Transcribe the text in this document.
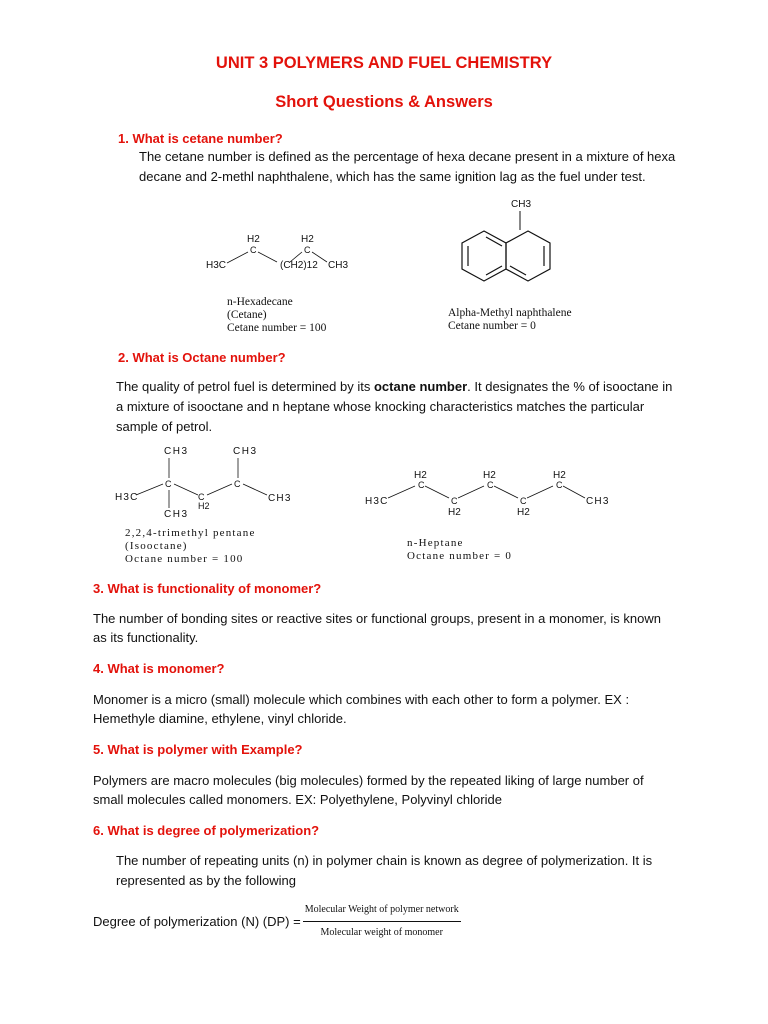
UNIT 3 POLYMERS AND FUEL CHEMISTRY
Short Questions & Answers
1. What is cetane number?
The cetane number is defined as the percentage of hexa decane present in a mixture of hexa
decane and 2-methl naphthalene, which has the same ignition lag as the fuel under test.
H2
C
H2
C
H3C	(CH2)12 CH3
n-Hexadecane
(Cetane)
Cetane number = 100
CH3
Alpha-Methyl naphthalene
Cetane number = 0
2. What is Octane number?
The quality of petrol fuel is determined by its octane number. It designates the % of isooctane in
a mixture of isooctane and n heptane whose knocking characteristics matches the particular
sample of petrol.
CH3	CH3
C	C
H3C	C
H2
CH3
CH3
2,2,4-trimethyl pentane
(Isooctane)
Octane number = 100
H3C
H2
C
C
H2
H2
C
C
H2
H2
C
CH3
n-Heptane
Octane number = 0
3. What is functionality of monomer?
The number of bonding sites or reactive sites or functional groups, present in a monomer, is known
as its functionality.
4. What is monomer?
Monomer is a micro (small) molecule which combines with each other to form a polymer. EX :
Hemethyle diamine, ethylene, vinyl chloride.
5. What is polymer with Example?
Polymers are macro molecules (big molecules) formed by the repeated liking of large number of
small molecules called monomers. EX: Polyethylene, Polyvinyl chloride
6. What is degree of polymerization?
The number of repeating units (n) in polymer chain is known as degree of polymerization. It is
represented as by the following
Degree of polymerization (N) $(DP) = \frac{\text{Molecular Weight of polymer network}}{\text{Molecular weight of monomer}}$
